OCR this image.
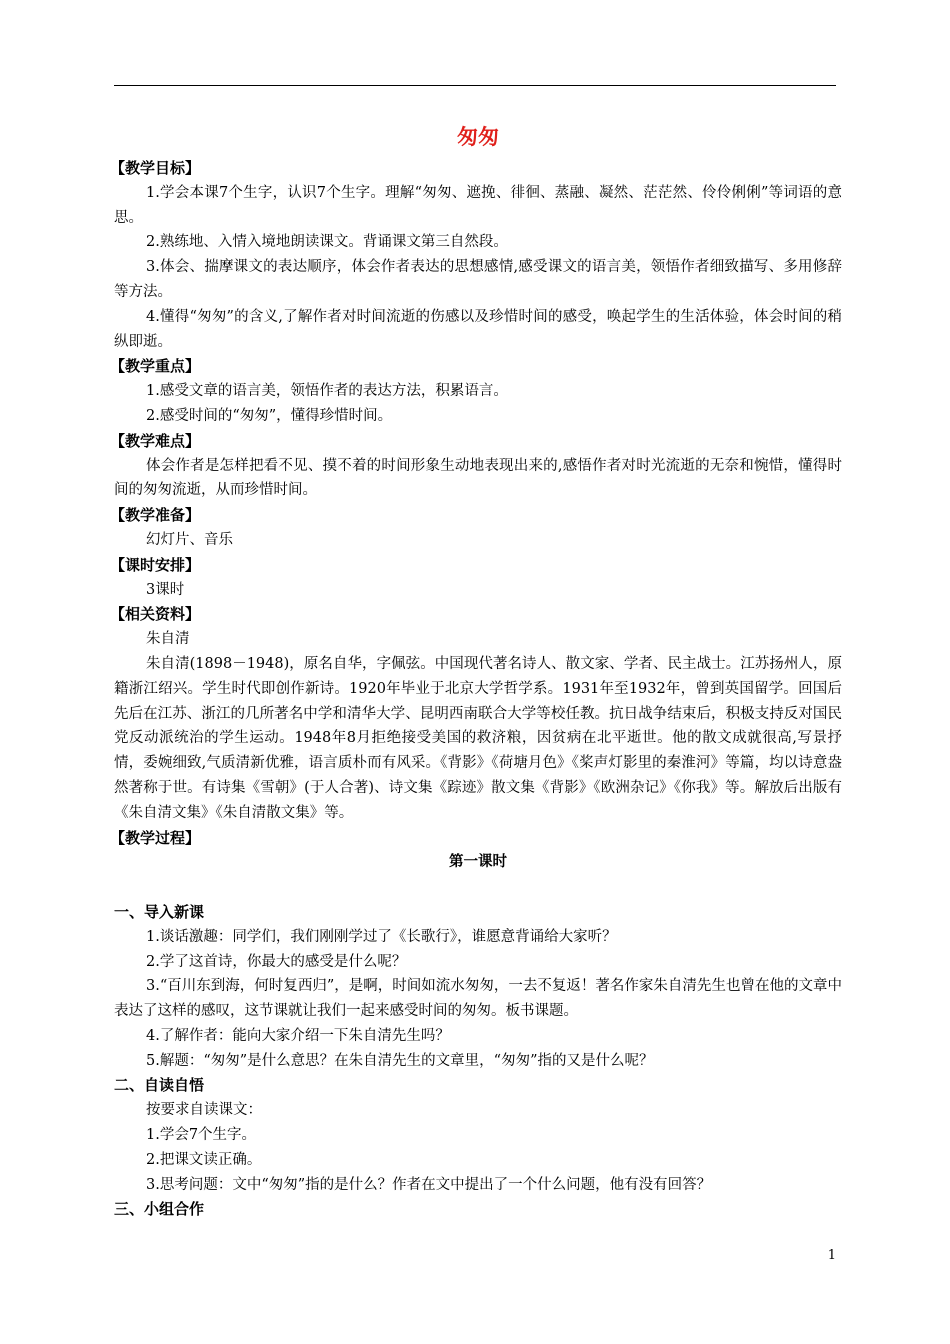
匆匆
【教学目标】
1.学会本课7个生字，认识7个生字。理解“匆匆、遮挽、徘徊、蒸融、凝然、茫茫然、伶伶俐俐”等词语的意思。
2.熟练地、入情入境地朗读课文。背诵课文第三自然段。
3.体会、揣摩课文的表达顺序，体会作者表达的思想感情,感受课文的语言美，领悟作者细致描写、多用修辞等方法。
4.懂得“匆匆”的含义,了解作者对时间流逝的伤感以及珍惜时间的感受，唤起学生的生活体验，体会时间的稍纵即逝。
【教学重点】
1.感受文章的语言美，领悟作者的表达方法，积累语言。
2.感受时间的“匆匆”，懂得珍惜时间。
【教学难点】
体会作者是怎样把看不见、摸不着的时间形象生动地表现出来的,感悟作者对时光流逝的无奈和惋惜，懂得时间的匆匆流逝，从而珍惜时间。
【教学准备】
幻灯片、音乐
【课时安排】
3课时
【相关资料】
朱自清
朱自清(1898－1948)，原名自华，字佩弦。中国现代著名诗人、散文家、学者、民主战士。江苏扬州人，原籍浙江绍兴。学生时代即创作新诗。1920年毕业于北京大学哲学系。1931年至1932年，曾到英国留学。回国后先后在江苏、浙江的几所著名中学和清华大学、昆明西南联合大学等校任教。抗日战争结束后，积极支持反对国民党反动派统治的学生运动。1948年8月拒绝接受美国的救济粮，因贫病在北平逝世。他的散文成就很高,写景抒情，委婉细致,气质清新优雅，语言质朴而有风采。《背影》《荷塘月色》《桨声灯影里的秦淮河》等篇，均以诗意盎然著称于世。有诗集《雪朝》(于人合著)、诗文集《踪迹》散文集《背影》《欧洲杂记》《你我》等。解放后出版有《朱自清文集》《朱自清散文集》等。
【教学过程】
第一课时
一、导入新课
1.谈话激趣：同学们，我们刚刚学过了《长歌行》，谁愿意背诵给大家听？
2.学了这首诗，你最大的感受是什么呢？
3.“百川东到海，何时复西归”，是啊，时间如流水匆匆，一去不复返！著名作家朱自清先生也曾在他的文章中表达了这样的感叹，这节课就让我们一起来感受时间的匆匆。板书课题。
4.了解作者：能向大家介绍一下朱自清先生吗？
5.解题：“匆匆”是什么意思？在朱自清先生的文章里，“匆匆”指的又是什么呢？
二、自读自悟
按要求自读课文：
1.学会7个生字。
2.把课文读正确。
3.思考问题：文中“匆匆”指的是什么？作者在文中提出了一个什么问题，他有没有回答？
三、小组合作
1
